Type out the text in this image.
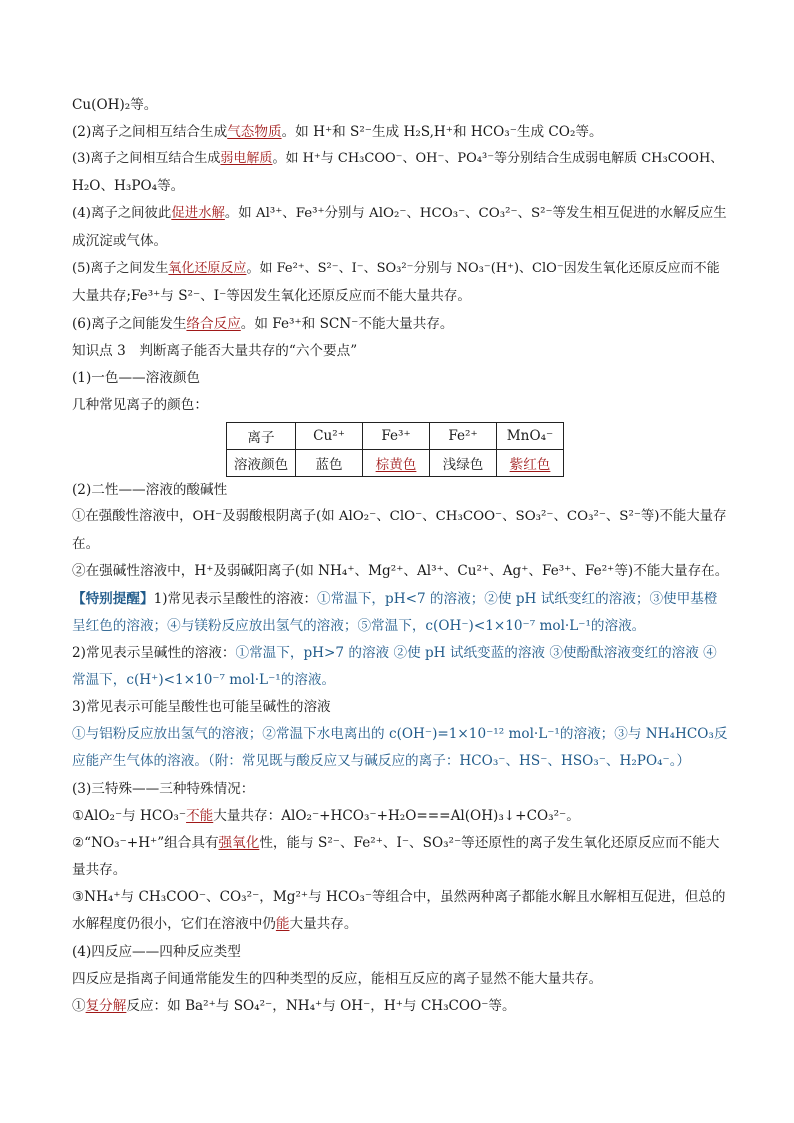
Cu(OH)₂等。
(2)离子之间相互结合生成气态物质。如 H⁺和 S²⁻生成 H₂S,H⁺和 HCO₃⁻生成 CO₂等。
(3)离子之间相互结合生成弱电解质。如 H⁺与 CH₃COO⁻、OH⁻、PO₄³⁻等分别结合生成弱电解质 CH₃COOH、
H₂O、H₃PO₄等。
(4)离子之间彼此促进水解。如 Al³⁺、Fe³⁺分别与 AlO₂⁻、HCO₃⁻、CO₃²⁻、S²⁻等发生相互促进的水解反应生
成沉淀或气体。
(5)离子之间发生氧化还原反应。如 Fe²⁺、S²⁻、I⁻、SO₃²⁻分别与 NO₃⁻(H⁺)、ClO⁻因发生氧化还原反应而不能
大量共存;Fe³⁺与 S²⁻、I⁻等因发生氧化还原反应而不能大量共存。
(6)离子之间能发生络合反应。如 Fe³⁺和 SCN⁻不能大量共存。
知识点 3　判断离子能否大量共存的“六个要点”
(1)一色——溶液颜色
几种常见离子的颜色：
离子	Cu²⁺	Fe³⁺	Fe²⁺	MnO₄⁻
溶液颜色	蓝色	棕黄色	浅绿色	紫红色
(2)二性——溶液的酸碱性
①在强酸性溶液中，OH⁻及弱酸根阴离子(如 AlO₂⁻、ClO⁻、CH₃COO⁻、SO₃²⁻、CO₃²⁻、S²⁻等)不能大量存
在。
②在强碱性溶液中，H⁺及弱碱阳离子(如 NH₄⁺、Mg²⁺、Al³⁺、Cu²⁺、Ag⁺、Fe³⁺、Fe²⁺等)不能大量存在。
【特别提醒】1)常见表示呈酸性的溶液：①常温下，pH<7 的溶液；②使 pH 试纸变红的溶液；③使甲基橙
呈红色的溶液；④与镁粉反应放出氢气的溶液；⑤常温下，c(OH⁻)<1×10⁻⁷ mol·L⁻¹的溶液。
2)常见表示呈碱性的溶液：①常温下，pH>7 的溶液 ②使 pH 试纸变蓝的溶液 ③使酚酞溶液变红的溶液 ④
常温下，c(H⁺)<1×10⁻⁷ mol·L⁻¹的溶液。
3)常见表示可能呈酸性也可能呈碱性的溶液
①与铝粉反应放出氢气的溶液；②常温下水电离出的 c(OH⁻)=1×10⁻¹² mol·L⁻¹的溶液；③与 NH₄HCO₃反
应能产生气体的溶液。（附：常见既与酸反应又与碱反应的离子：HCO₃⁻、HS⁻、HSO₃⁻、H₂PO₄⁻。）
(3)三特殊——三种特殊情况：
①AlO₂⁻与 HCO₃⁻不能大量共存：AlO₂⁻+HCO₃⁻+H₂O===Al(OH)₃↓+CO₃²⁻。
②“NO₃⁻+H⁺”组合具有强氧化性，能与 S²⁻、Fe²⁺、I⁻、SO₃²⁻等还原性的离子发生氧化还原反应而不能大
量共存。
③NH₄⁺与 CH₃COO⁻、CO₃²⁻，Mg²⁺与 HCO₃⁻等组合中，虽然两种离子都能水解且水解相互促进，但总的
水解程度仍很小，它们在溶液中仍能大量共存。
(4)四反应——四种反应类型
四反应是指离子间通常能发生的四种类型的反应，能相互反应的离子显然不能大量共存。
①复分解反应：如 Ba²⁺与 SO₄²⁻，NH₄⁺与 OH⁻，H⁺与 CH₃COO⁻等。
